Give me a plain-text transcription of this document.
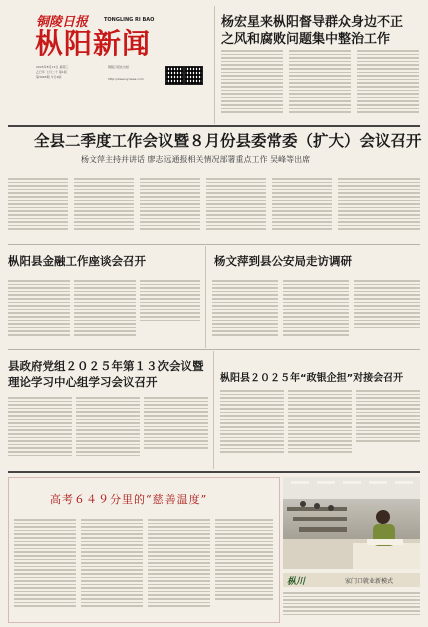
铜陵日报	TONGLING RI BAO
枞阳新闻
2025年8月13日 星期三
乙巳年 七月二十 第1版
第3965期 今日4版
铜陵日报社出版
http://www.zynews.com
杨宏星来枞阳督导群众身边不正
之风和腐败问题集中整治工作
全县二季度工作会议暨８月份县委常委（扩大）会议召开
杨文萍主持并讲话 廖志远通报相关情况部署重点工作 吴峰等出席
枞阳县金融工作座谈会召开	杨文萍到县公安局走访调研
县政府党组２０２５年第１３次会议暨
理论学习中心组学习会议召开	枞阳县２０２５年“政银企担”对接会召开
高考６４９分里的“慈善温度”
枞川	家门口就业新模式
